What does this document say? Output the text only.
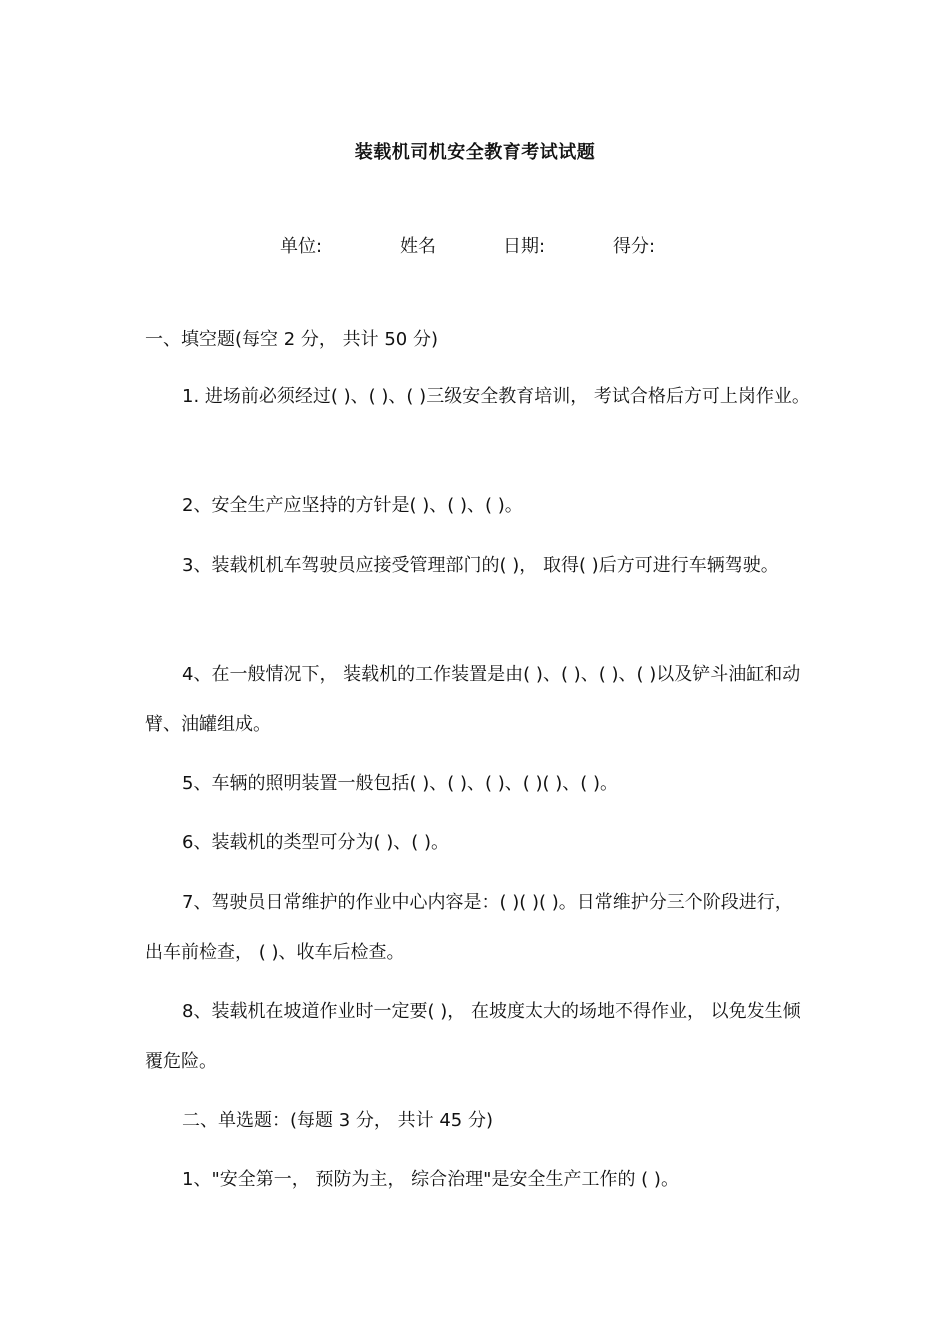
装载机司机安全教育考试试题
单位:	姓名	日期:	得分:
一、填空题(每空 2 分， 共计 50 分)

1. 进场前必须经过( )、( )、( )三级安全教育培训， 考试合格后方可上岗作业。

2、安全生产应坚持的方针是( )、( )、( )。

3、装载机机车驾驶员应接受管理部门的( )， 取得( )后方可进行车辆驾驶。

4、在一般情况下， 装载机的工作装置是由( )、( )、( )、( )以及铲斗油缸和动臂、油罐组成。

5、车辆的照明装置一般包括( )、( )、( )、( )( )、( )。

6、装载机的类型可分为( )、( )。

7、驾驶员日常维护的作业中心内容是：( )( )( )。日常维护分三个阶段进行， 出车前检查， ( )、收车后检查。

8、装载机在坡道作业时一定要( )， 在坡度太大的场地不得作业， 以免发生倾覆危险。

二、单选题：(每题 3 分， 共计 45 分)

1、"安全第一， 预防为主， 综合治理"是安全生产工作的 ( )。
